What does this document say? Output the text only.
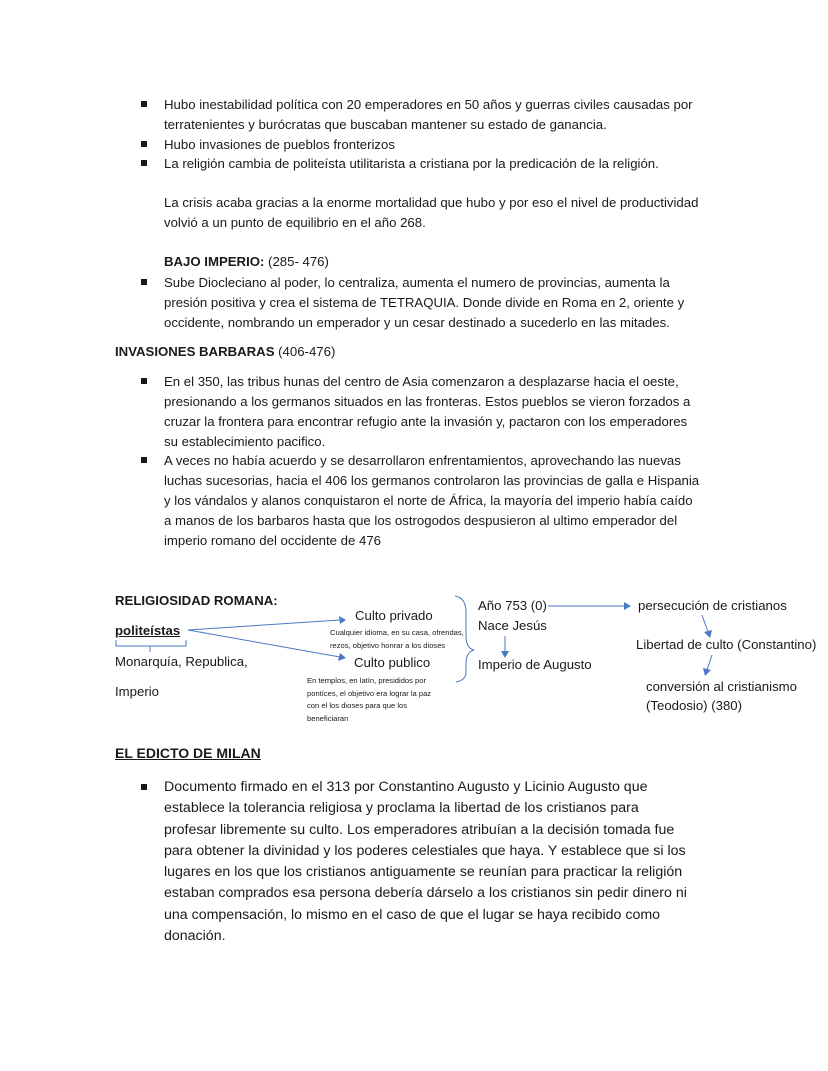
Hubo inestabilidad política con 20 emperadores en 50 años y guerras civiles causadas por
terratenientes y burócratas que buscaban mantener su estado de ganancia.
Hubo invasiones de pueblos fronterizos
La religión cambia de politeísta utilitarista a cristiana por la predicación de la religión.
La crisis acaba gracias a la enorme mortalidad que hubo y por eso el nivel de productividad
volvió a un punto de equilibrio en el año 268.
BAJO IMPERIO: (285- 476)
Sube Diocleciano al poder, lo centraliza, aumenta el numero de provincias, aumenta la
presión positiva y crea el sistema de TETRAQUIA. Donde divide en Roma en 2, oriente y
occidente, nombrando un emperador y un cesar destinado a sucederlo en las mitades.
INVASIONES BARBARAS (406-476)
En el 350, las tribus hunas del centro de Asia comenzaron a desplazarse hacia el oeste,
presionando a los germanos situados en las fronteras. Estos pueblos se vieron forzados a
cruzar la frontera para encontrar refugio ante la invasión y, pactaron con los emperadores
su establecimiento pacifico.
A veces no había acuerdo y se desarrollaron enfrentamientos, aprovechando las nuevas
luchas sucesorias, hacia el 406 los germanos controlaron las provincias de galla e Hispania
y los vándalos y alanos conquistaron el norte de África, la mayoría del imperio había caído
a manos de los barbaros hasta que los ostrogodos despusieron al ultimo emperador del
imperio romano del occidente de 476
RELIGIOSIDAD ROMANA:
politeístas
Monarquía, Republica,
Imperio
Culto privado
Cualquier idioma, en su casa, ofrendas,
rezos, objetivo honrar a los dioses
Culto publico
En templos, en latín, presididos por
pontíces, el objetivo era lograr la paz
con el los dioses para que los
beneficiaran
Año 753 (0)
Nace Jesús
Imperio de Augusto
persecución de cristianos
Libertad de culto (Constantino)
conversión al cristianismo
(Teodosio) (380)
EL EDICTO DE MILAN
Documento firmado en el 313 por Constantino Augusto y Licinio Augusto que
establece la tolerancia religiosa y proclama la libertad de los cristianos para
profesar libremente su culto. Los emperadores atribuían a la decisión tomada fue
para obtener la divinidad y los poderes celestiales que haya. Y establece que si los
lugares en los que los cristianos antiguamente se reunían para practicar la religión
estaban comprados esa persona debería dárselo a los cristianos sin pedir dinero ni
una compensación, lo mismo en el caso de que el lugar se haya recibido como
donación.
